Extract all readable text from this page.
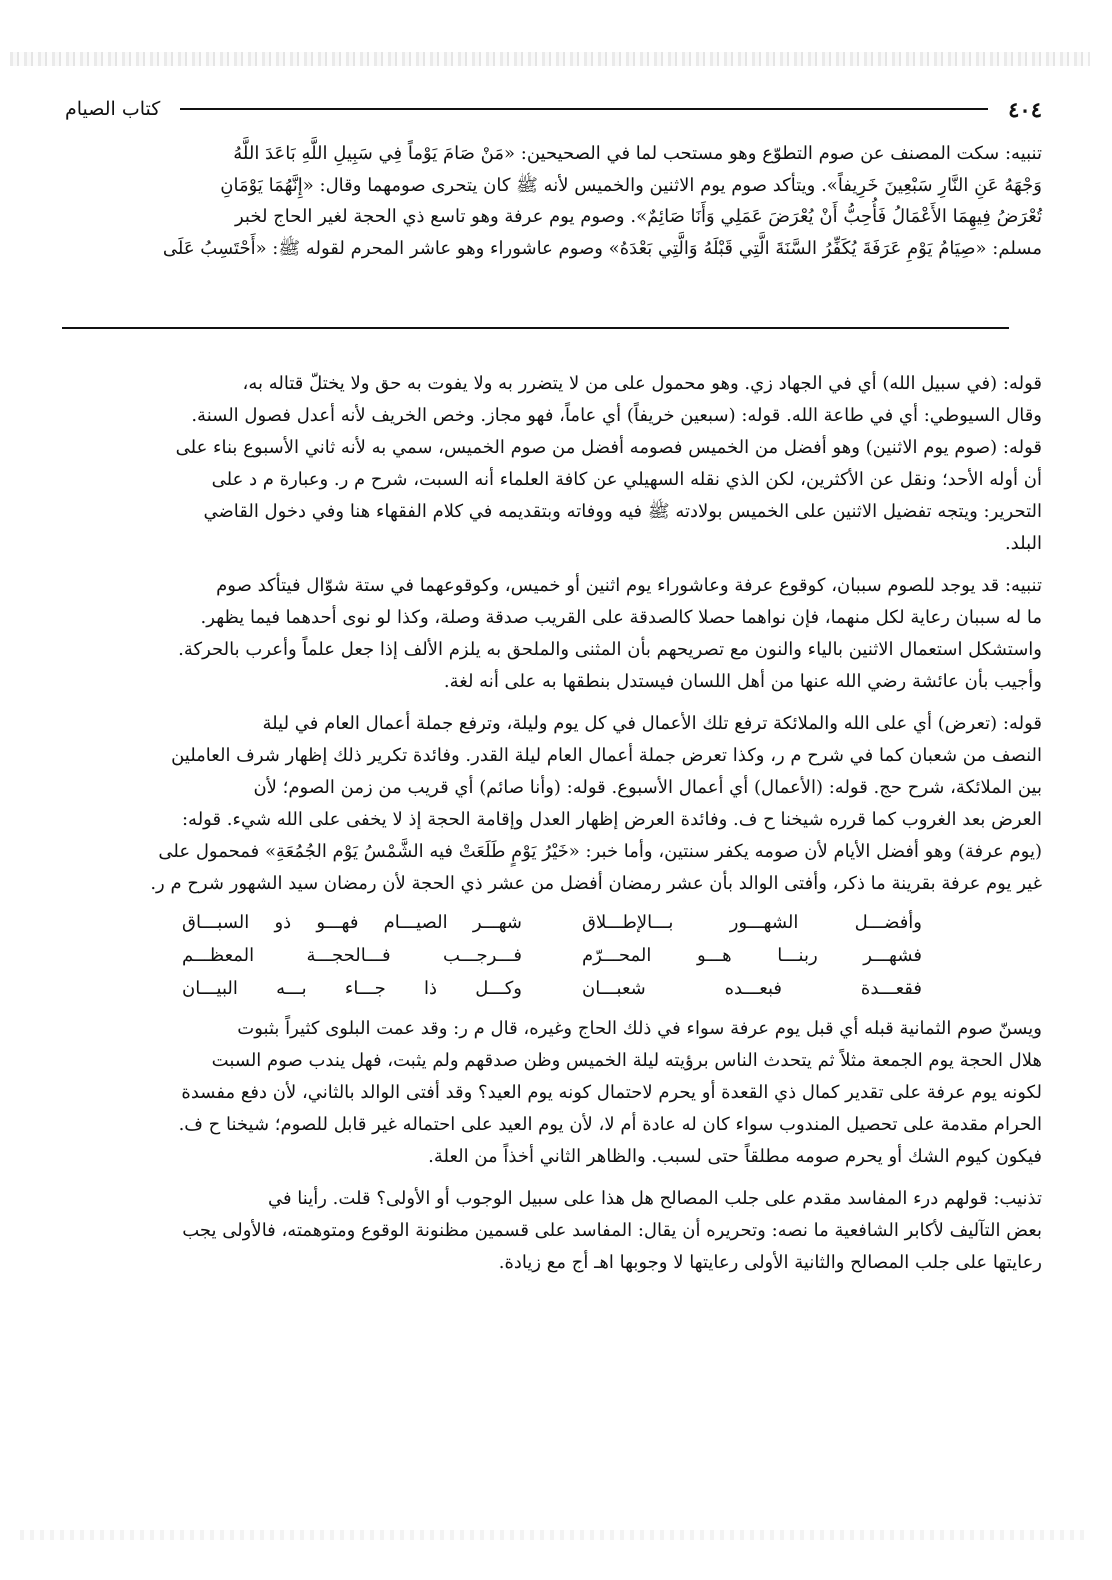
٤٠٤
كتاب الصيام
تنبيه: سكت المصنف عن صوم التطوّع وهو مستحب لما في الصحيحين: «مَنْ صَامَ يَوْماً فِي سَبِيلِ اللَّهِ بَاعَدَ اللَّهُ
وَجْهَهُ عَنِ النَّارِ سَبْعِينَ خَرِيفاً». ويتأكد صوم يوم الاثنين والخميس لأنه ﷺ كان يتحرى صومهما وقال: «إِنَّهُمَا يَوْمَانِ
تُعْرَضُ فِيهِمَا الأَعْمَالُ فَأُحِبُّ أَنْ يُعْرَضَ عَمَلِي وَأَنَا صَائِمٌ». وصوم يوم عرفة وهو تاسع ذي الحجة لغير الحاج لخبر
مسلم: «صِيَامُ يَوْمِ عَرَفَةَ يُكَفِّرُ السَّنَةَ الَّتِي قَبْلَهُ وَالَّتِي بَعْدَهُ» وصوم عاشوراء وهو عاشر المحرم لقوله ﷺ: «أَحْتَسِبُ عَلَى

قوله: (في سبيل الله) أي في الجهاد زي. وهو محمول على من لا يتضرر به ولا يفوت به حق ولا يختلّ قتاله به،

وقال السيوطي: أي في طاعة الله. قوله: (سبعين خريفاً) أي عاماً، فهو مجاز. وخص الخريف لأنه أعدل فصول السنة.

قوله: (صوم يوم الاثنين) وهو أفضل من الخميس فصومه أفضل من صوم الخميس، سمي به لأنه ثاني الأسبوع بناء على

أن أوله الأحد؛ ونقل عن الأكثرين، لكن الذي نقله السهيلي عن كافة العلماء أنه السبت، شرح م ر. وعبارة م د على

التحرير: ويتجه تفضيل الاثنين على الخميس بولادته ﷺ فيه ووفاته وبتقديمه في كلام الفقهاء هنا وفي دخول القاضي

البلد.

تنبيه: قد يوجد للصوم سببان، كوقوع عرفة وعاشوراء يوم اثنين أو خميس، وكوقوعهما في ستة شوّال فيتأكد صوم

ما له سببان رعاية لكل منهما، فإن نواهما حصلا كالصدقة على القريب صدقة وصلة، وكذا لو نوى أحدهما فيما يظهر.

واستشكل استعمال الاثنين بالياء والنون مع تصريحهم بأن المثنى والملحق به يلزم الألف إذا جعل علماً وأعرب بالحركة.

وأجيب بأن عائشة رضي الله عنها من أهل اللسان فيستدل بنطقها به على أنه لغة.

قوله: (تعرض) أي على الله والملائكة ترفع تلك الأعمال في كل يوم وليلة، وترفع جملة أعمال العام في ليلة

النصف من شعبان كما في شرح م ر، وكذا تعرض جملة أعمال العام ليلة القدر. وفائدة تكرير ذلك إظهار شرف العاملين

بين الملائكة، شرح حج. قوله: (الأعمال) أي أعمال الأسبوع. قوله: (وأنا صائم) أي قريب من زمن الصوم؛ لأن

العرض بعد الغروب كما قرره شيخنا ح ف. وفائدة العرض إظهار العدل وإقامة الحجة إذ لا يخفى على الله شيء. قوله:

(يوم عرفة) وهو أفضل الأيام لأن صومه يكفر سنتين، وأما خبر: «خَيْرُ يَوْمٍ طَلَعَتْ فيه الشَّمْسُ يَوْم الجُمُعَةِ» فمحمول على

غير يوم عرفة بقرينة ما ذكر، وأفتى الوالد بأن عشر رمضان أفضل من عشر ذي الحجة لأن رمضان سيد الشهور شرح م ر.

وأفضـــل الشهـــور بـــالإطـــلاق
شهـــر الصيـــام فهـــو ذو السبـــاق
فشهـــر ربنـــا هـــو المحـــرّم
فـــرجـــب فـــالحجـــة المعظـــم
فقعـــدة فبعـــده شعبـــان
وكـــل ذا جـــاء بـــه البيـــان

ويسنّ صوم الثمانية قبله أي قبل يوم عرفة سواء في ذلك الحاج وغيره، قال م ر: وقد عمت البلوى كثيراً بثبوت

هلال الحجة يوم الجمعة مثلاً ثم يتحدث الناس برؤيته ليلة الخميس وظن صدقهم ولم يثبت، فهل يندب صوم السبت

لكونه يوم عرفة على تقدير كمال ذي القعدة أو يحرم لاحتمال كونه يوم العيد؟ وقد أفتى الوالد بالثاني، لأن دفع مفسدة

الحرام مقدمة على تحصيل المندوب سواء كان له عادة أم لا، لأن يوم العيد على احتماله غير قابل للصوم؛ شيخنا ح ف.

فيكون كيوم الشك أو يحرم صومه مطلقاً حتى لسبب. والظاهر الثاني أخذاً من العلة.

تذنيب: قولهم درء المفاسد مقدم على جلب المصالح هل هذا على سبيل الوجوب أو الأولى؟ قلت. رأينا في

بعض التآليف لأكابر الشافعية ما نصه: وتحريره أن يقال: المفاسد على قسمين مظنونة الوقوع ومتوهمته، فالأولى يجب

رعايتها على جلب المصالح والثانية الأولى رعايتها لا وجوبها اهـ أج مع زيادة.
